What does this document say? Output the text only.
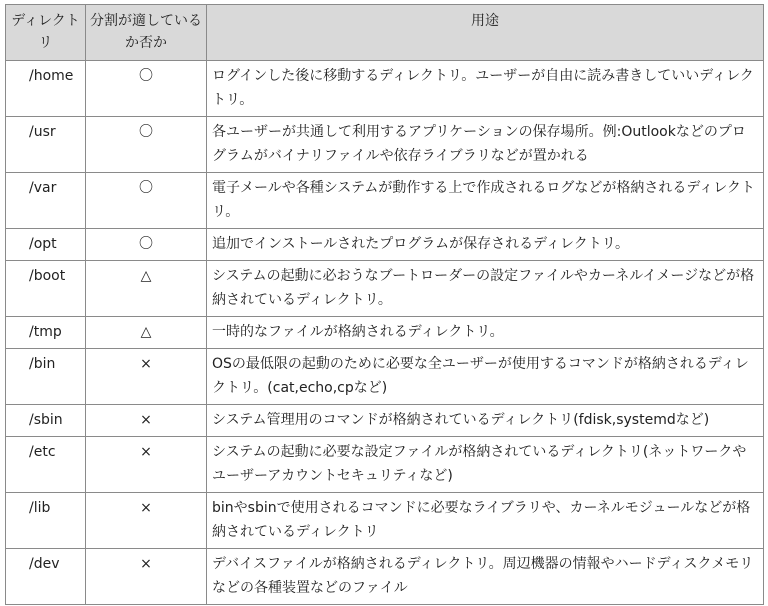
ディレクトリ	分割が適しているか否か	用途
/home	〇	ログインした後に移動するディレクトリ。ユーザーが自由に読み書きしていいディレクトリ。
/usr	〇	各ユーザーが共通して利用するアプリケーションの保存場所。例:Outlookなどのプログラムがバイナリファイルや依存ライブラリなどが置かれる
/var	〇	電子メールや各種システムが動作する上で作成されるログなどが格納されるディレクトリ。
/opt	〇	追加でインストールされたプログラムが保存されるディレクトリ。
/boot	△	システムの起動に必おうなブートローダーの設定ファイルやカーネルイメージなどが格納されているディレクトリ。
/tmp	△	一時的なファイルが格納されるディレクトリ。
/bin	×	OSの最低限の起動のために必要な全ユーザーが使用するコマンドが格納されるディレクトリ。(cat,echo,cpなど)
/sbin	×	システム管理用のコマンドが格納されているディレクトリ(fdisk,systemdなど)
/etc	×	システムの起動に必要な設定ファイルが格納されているディレクトリ(ネットワークやユーザーアカウントセキュリティなど)
/lib	×	binやsbinで使用されるコマンドに必要なライブラリや、カーネルモジュールなどが格納されているディレクトリ
/dev	×	デバイスファイルが格納されるディレクトリ。周辺機器の情報やハードディスクメモリなどの各種装置などのファイル
